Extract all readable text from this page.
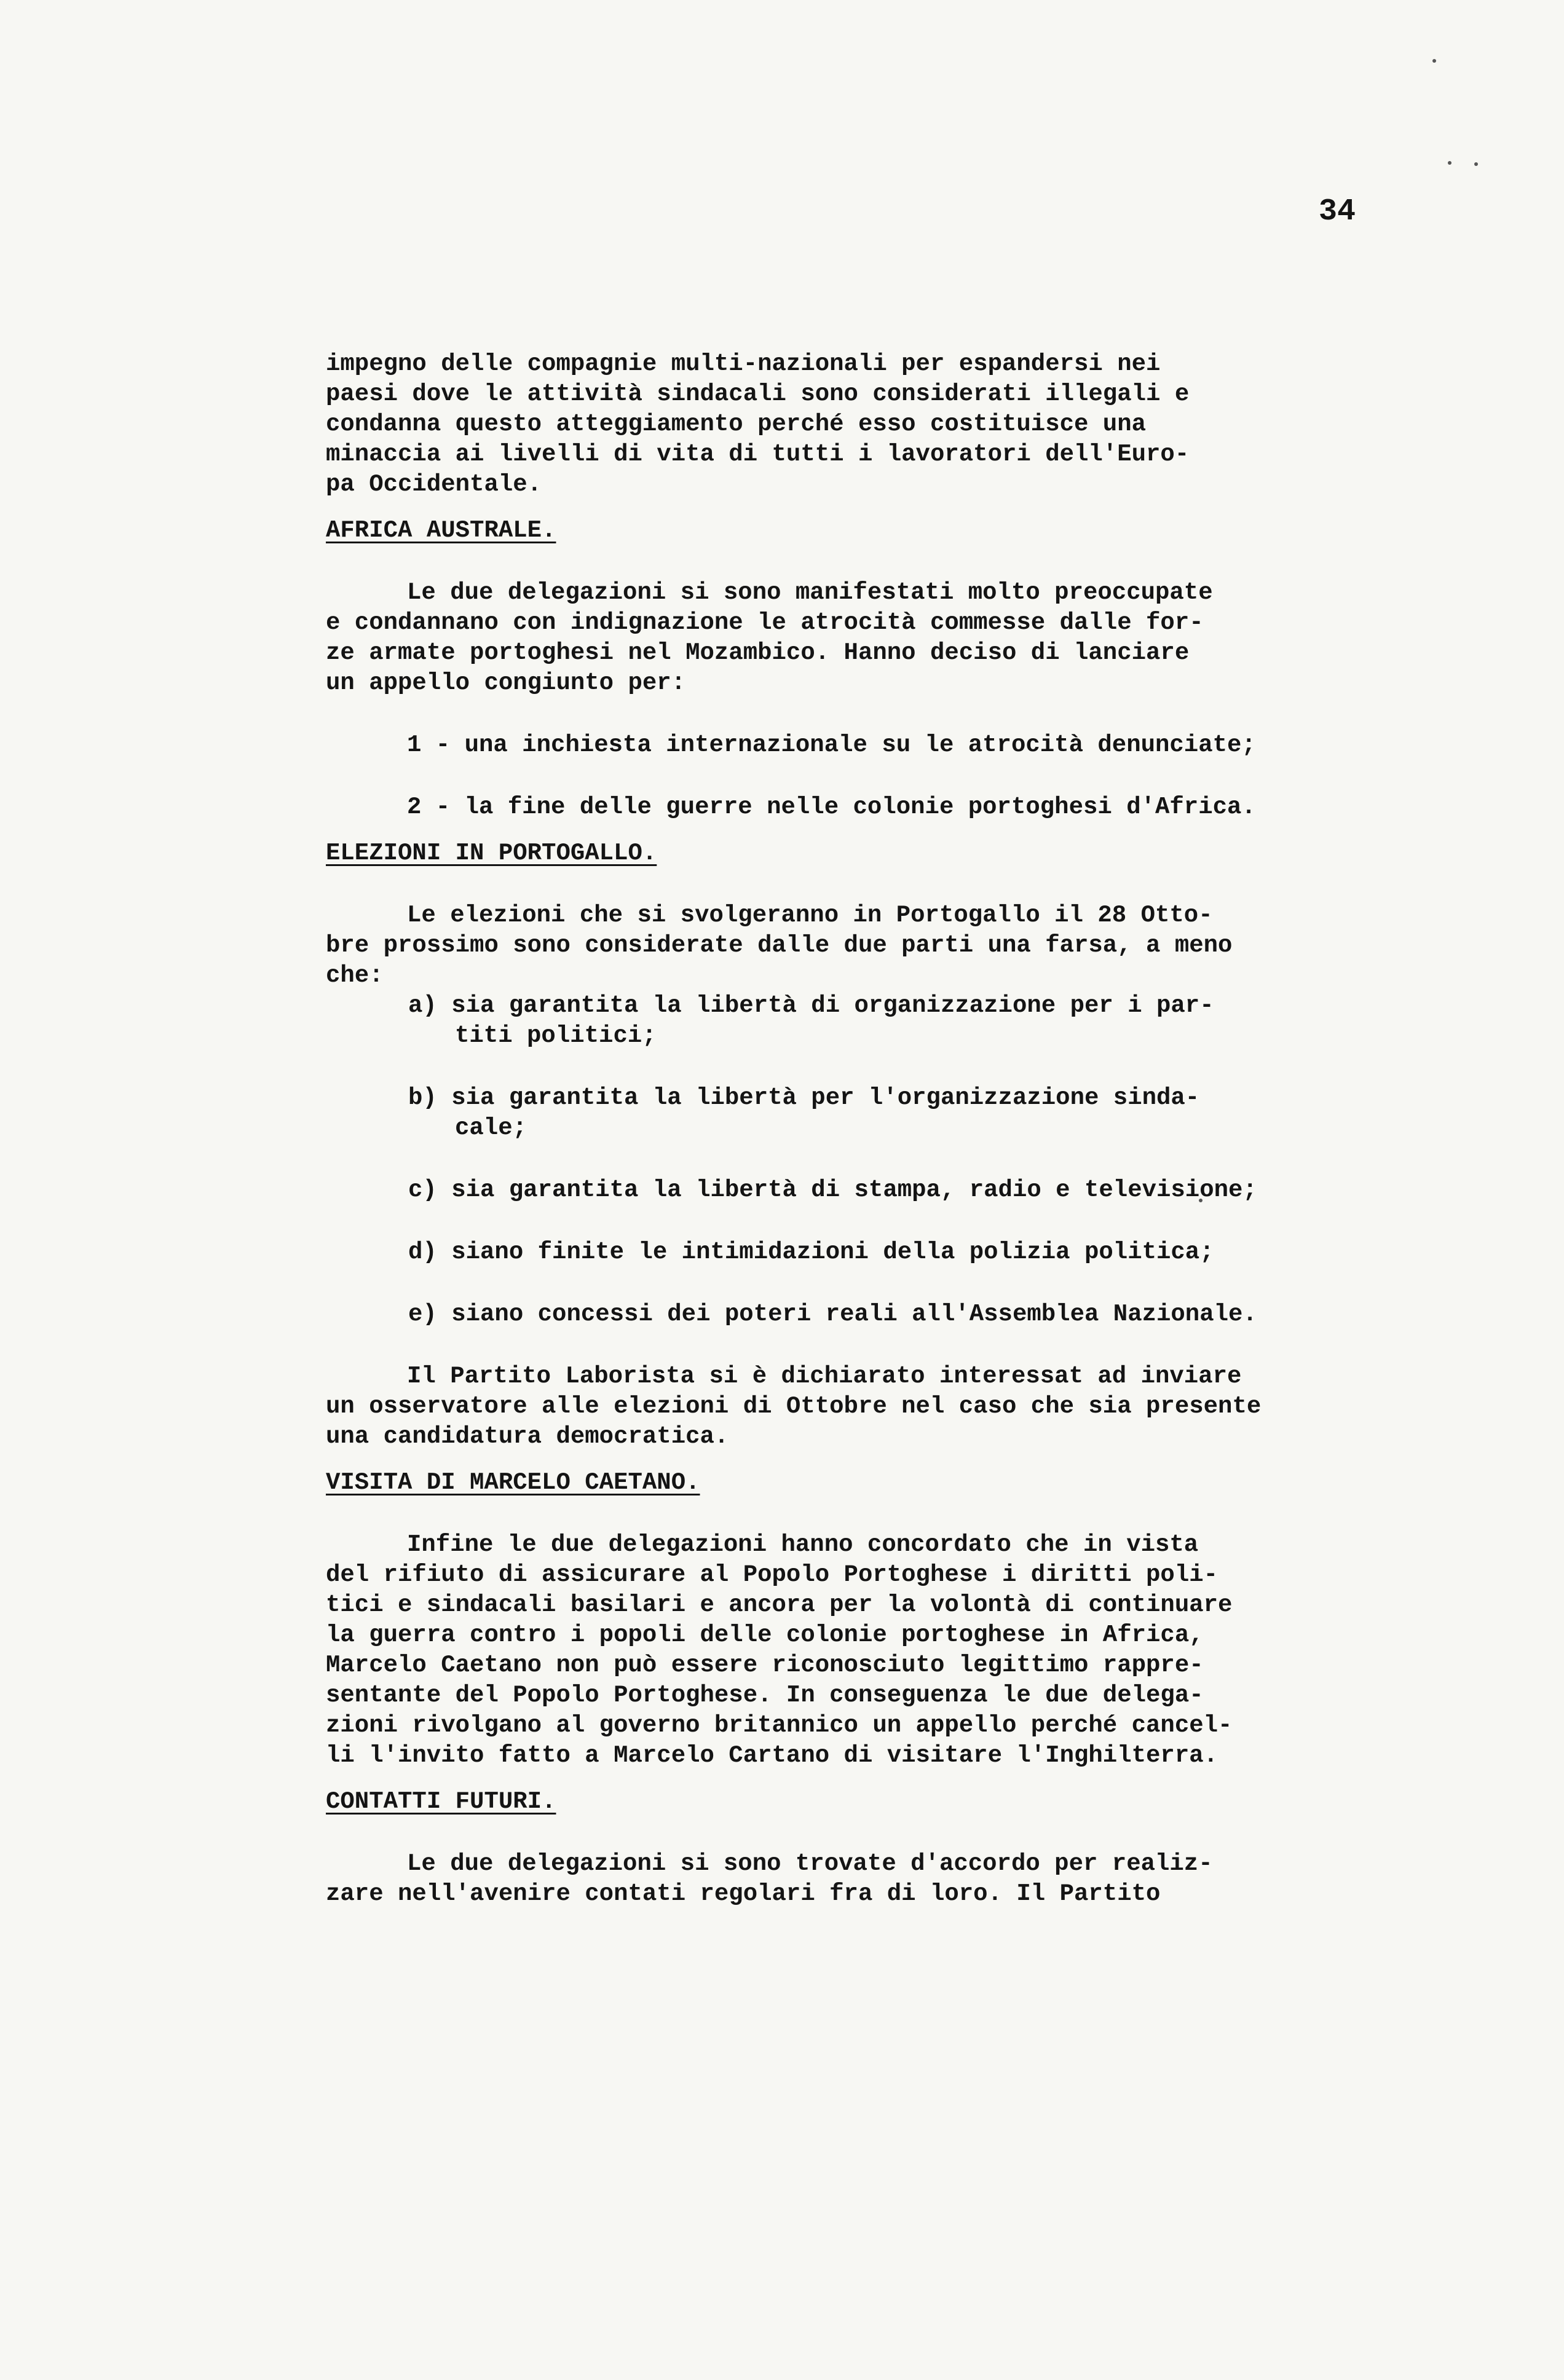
34
impegno delle compagnie multi-nazionali per espandersi nei
paesi dove le attività sindacali sono considerati illegali e
condanna questo atteggiamento perché esso costituisce una
minaccia ai livelli di vita di tutti i lavoratori dell'Euro-
pa Occidentale.
AFRICA AUSTRALE.
Le due delegazioni si sono manifestati molto preoccupate
e condannano con indignazione le atrocità commesse dalle for-
ze armate portoghesi nel Mozambico. Hanno deciso di lanciare
un appello congiunto per:
1 - una inchiesta internazionale su le atrocità denunciate;
2 - la fine delle guerre nelle colonie portoghesi d'Africa.
ELEZIONI IN PORTOGALLO.
Le elezioni che si svolgeranno in Portogallo il 28 Otto-
bre prossimo sono considerate dalle due parti una farsa, a meno
che:
a) sia garantita la libertà di organizzazione per i par-
titi politici;
b) sia garantita la libertà per l'organizzazione sinda-
cale;
c) sia garantita la libertà di stampa, radio e televisione;
d) siano finite le intimidazioni della polizia politica;
e) siano concessi dei poteri reali all'Assemblea Nazionale.
Il Partito Laborista si è dichiarato interessat ad inviare
un osservatore alle elezioni di Ottobre nel caso che sia presente
una candidatura democratica.
VISITA DI MARCELO CAETANO.
Infine le due delegazioni hanno concordato che in vista
del rifiuto di assicurare al Popolo Portoghese i diritti poli-
tici e sindacali basilari e ancora per la volontà di continuare
la guerra contro i popoli delle colonie portoghese in Africa,
Marcelo Caetano non può essere riconosciuto legittimo rappre-
sentante del Popolo Portoghese. In conseguenza le due delega-
zioni rivolgano al governo britannico un appello perché cancel-
li l'invito fatto a Marcelo Cartano di visitare l'Inghilterra.
CONTATTI FUTURI.
Le due delegazioni si sono trovate d'accordo per realiz-
zare nell'avenire contati regolari fra di loro. Il Partito
